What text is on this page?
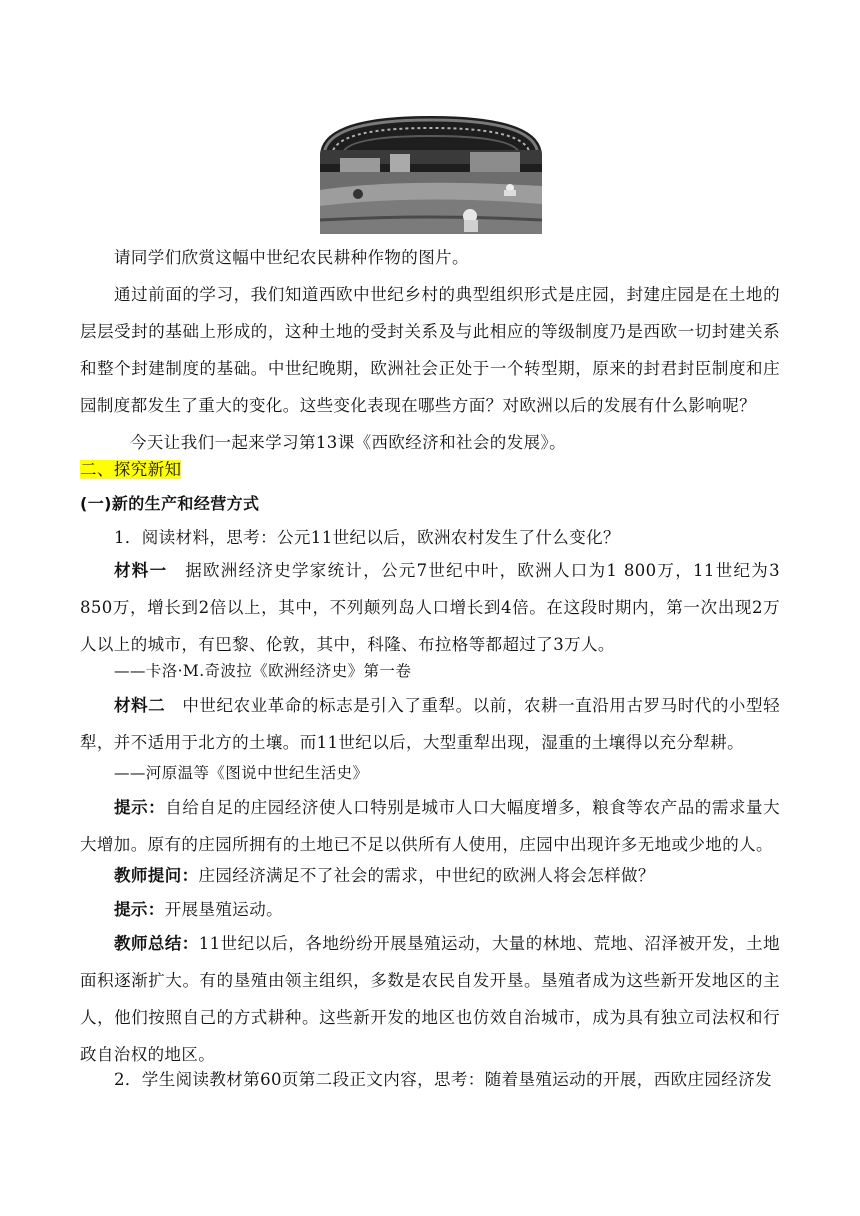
请同学们欣赏这幅中世纪农民耕种作物的图片。

通过前面的学习，我们知道西欧中世纪乡村的典型组织形式是庄园，封建庄园是在土地的层层受封的基础上形成的，这种土地的受封关系及与此相应的等级制度乃是西欧一切封建关系和整个封建制度的基础。中世纪晚期，欧洲社会正处于一个转型期，原来的封君封臣制度和庄园制度都发生了重大的变化。这些变化表现在哪些方面？对欧洲以后的发展有什么影响呢？

今天让我们一起来学习第13课《西欧经济和社会的发展》。

二、探究新知

(一)新的生产和经营方式

1．阅读材料，思考：公元11世纪以后，欧洲农村发生了什么变化？

材料一　据欧洲经济史学家统计，公元7世纪中叶，欧洲人口为1 800万，11世纪为3 850万，增长到2倍以上，其中，不列颠列岛人口增长到4倍。在这段时期内，第一次出现2万人以上的城市，有巴黎、伦敦，其中，科隆、布拉格等都超过了3万人。

——卡洛·M.奇波拉《欧洲经济史》第一卷

材料二　中世纪农业革命的标志是引入了重犁。以前，农耕一直沿用古罗马时代的小型轻犁，并不适用于北方的土壤。而11世纪以后，大型重犁出现，湿重的土壤得以充分犁耕。

——河原温等《图说中世纪生活史》

提示：自给自足的庄园经济使人口特别是城市人口大幅度增多，粮食等农产品的需求量大大增加。原有的庄园所拥有的土地已不足以供所有人使用，庄园中出现许多无地或少地的人。

教师提问：庄园经济满足不了社会的需求，中世纪的欧洲人将会怎样做？

提示：开展垦殖运动。

教师总结：11世纪以后，各地纷纷开展垦殖运动，大量的林地、荒地、沼泽被开发，土地面积逐渐扩大。有的垦殖由领主组织，多数是农民自发开垦。垦殖者成为这些新开发地区的主人，他们按照自己的方式耕种。这些新开发的地区也仿效自治城市，成为具有独立司法权和行政自治权的地区。

2．学生阅读教材第60页第二段正文内容，思考：随着垦殖运动的开展，西欧庄园经济发
